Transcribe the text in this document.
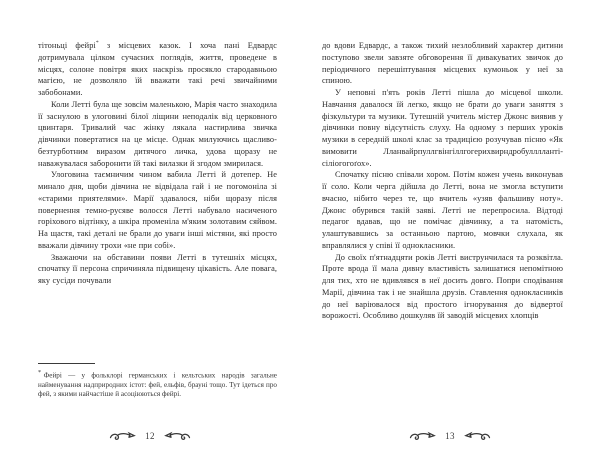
тітоньці фейрі* з місцевих казок. І хоча пані Едвардс дотримувала цілком сучасних поглядів, життя, проведене в місцях, солоне повітря яких наскрізь просякло стародавньою магією, не дозволяло їй вважати такі речі звичайними забобонами.

Коли Летті була ще зовсім маленькою, Марія часто знаходила її заснулою в улоговині білої ліщини неподалік від церковного цвинтаря. Тривалий час жінку лякала настирлива звичка дівчинки повертатися на це місце. Однак милуючись щасливо-безтурботним виразом дитячого личка, удова щоразу не наважувалася заборонити їй такі вилазки й згодом змирилася.

Улоговина таємничим чином вабила Летті й дотепер. Не минало дня, щоби дівчина не відвідала гай і не погомоніла зі «старими приятелями». Марії здавалося, ніби щоразу після повернення темно-русяве волосся Летті набувало насиченого горіхового відтінку, а шкіра променіла м'яким золотавим сяйвом. На щастя, такі деталі не брали до уваги інші містяни, які просто вважали дівчину трохи «не при собі».

Зважаючи на обставини появи Летті в тутешніх місцях, спочатку її персона спричиняла підвищену цікавість. Але повага, яку сусіди почували

* Фейрі — у фольклорі германських і кельтських народів загальне найменування надприродних істот: фей, ельфів, брауні тощо. Тут ідеться про фей, з якими найчастіше й асоціюються фейрі.
12

до вдови Едвардс, а також тихий незлобливий характер дитини поступово звели завзяте обговорення її дивакуватих звичок до періодичного перешіптування місцевих кумоньок у неї за спиною.

У неповні п'ять років Летті пішла до місцевої школи. Навчання давалося їй легко, якщо не брати до уваги заняття з фізкультури та музики. Тутешній учитель містер Джонс виявив у дівчинки повну відсутність слуху. На одному з перших уроків музики в середній школі клас за традицією розучував пісню «Як вимовити Лланвайрпуллгвінгіллгогерихвирндробуллллантісіліогогоґох».

Спочатку пісню співали хором. Потім кожен учень виконував її соло. Коли черга дійшла до Летті, вона не змогла вступити вчасно, нібито через те, що вчитель «узяв фальшиву ноту». Джонс обурився такій заяві. Летті не перепросила. Відтоді педагог вдавав, що не помічає дівчинку, а та натомість, улаштувавшись за останньою партою, мовчки слухала, як вправлялися у співі її однокласники.

До своїх п'ятнадцяти років Летті виструнчилася та розквітла. Проте врода її мала дивну властивість залишатися непомітною для тих, хто не вдивлявся в неї досить довго. Попри сподівання Марії, дівчина так і не знайшла друзів. Ставлення однокласників до неї варіювалося від простого ігнорування до відвертої ворожості. Особливо дошкуляв їй заводій місцевих хлопців

13
